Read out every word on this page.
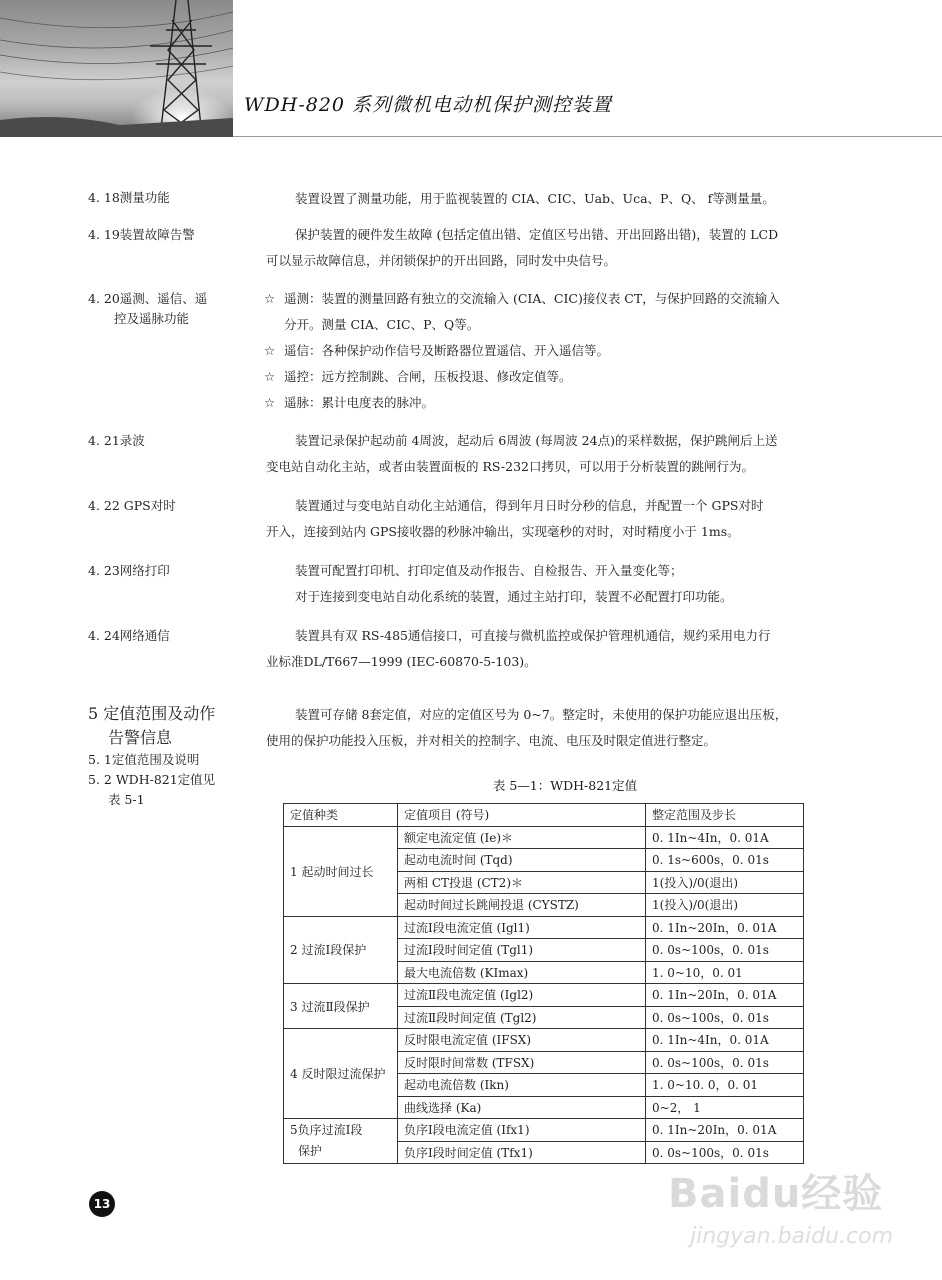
WDH-820 系列微机电动机保护测控装置
4. 18测量功能	装置设置了测量功能，用于监视装置的 CIA、CIC、Uab、Uca、P、Q、 f等测量量。
4. 19装置故障告警	保护装置的硬件发生故障 (包括定值出错、定值区号出错、开出回路出错)，装置的 LCD
可以显示故障信息，并闭锁保护的开出回路，同时发中央信号。
4. 20遥测、遥信、遥
控及遥脉功能
☆ 遥测：装置的测量回路有独立的交流输入 (CIA、CIC)接仪表 CT，与保护回路的交流输入
分开。测量 CIA、CIC、P、Q等。
☆ 遥信：各种保护动作信号及断路器位置遥信、开入遥信等。
☆ 遥控：远方控制跳、合闸，压板投退、修改定值等。
☆ 遥脉：累计电度表的脉冲。
4. 21录波	装置记录保护起动前 4周波，起动后 6周波 (每周波 24点)的采样数据，保护跳闸后上送
变电站自动化主站，或者由装置面板的 RS-232口拷贝，可以用于分析装置的跳闸行为。
4. 22 GPS对时	装置通过与变电站自动化主站通信，得到年月日时分秒的信息，并配置一个 GPS对时
开入，连接到站内 GPS接收器的秒脉冲输出，实现毫秒的对时，对时精度小于 1ms。
4. 23网络打印	装置可配置打印机、打印定值及动作报告、自检报告、开入量变化等；
对于连接到变电站自动化系统的装置，通过主站打印，装置不必配置打印功能。
4. 24网络通信	装置具有双 RS-485通信接口，可直接与微机监控或保护管理机通信，规约采用电力行
业标准DL/T667—1999 (IEC-60870-5-103)。
5 定值范围及动作
告警信息
5. 1定值范围及说明
5. 2 WDH-821定值见
表 5-1
装置可存储 8套定值，对应的定值区号为 0~7。整定时，未使用的保护功能应退出压板，
使用的保护功能投入压板，并对相关的控制字、电流、电压及时限定值进行整定。
表 5—1：WDH-821定值
定值种类	定值项目 (符号)	整定范围及步长
1 起动时间过长	额定电流定值 (Ie)＊	0. 1In~4In，0. 01A
	起动电流时间 (Tqd)	0. 1s~600s，0. 01s
	两相 CT投退 (CT2)＊	1(投入)/0(退出)
	起动时间过长跳闸投退 (CYSTZ)	1(投入)/0(退出)
2 过流Ⅰ段保护	过流Ⅰ段电流定值 (Igl1)	0. 1In~20In，0. 01A
	过流Ⅰ段时间定值 (Tgl1)	0. 0s~100s，0. 01s
	最大电流倍数 (KImax)	1. 0~10，0. 01
3 过流Ⅱ段保护	过流Ⅱ段电流定值 (Igl2)	0. 1In~20In，0. 01A
	过流Ⅱ段时间定值 (Tgl2)	0. 0s~100s，0. 01s
4 反时限过流保护	反时限电流定值 (IFSX)	0. 1In~4In，0. 01A
	反时限时间常数 (TFSX)	0. 0s~100s，0. 01s
	起动电流倍数 (Ikn)	1. 0~10. 0，0. 01
	曲线选择 (Ka)	0~2， 1

5负序过流Ⅰ段
保护	负序Ⅰ段电流定值 (Ifx1)	0. 1In~20In，0. 01A
	负序Ⅰ段时间定值 (Tfx1)	0. 0s~100s，0. 01s
13	Baidu经验
jingyan.baidu.com
